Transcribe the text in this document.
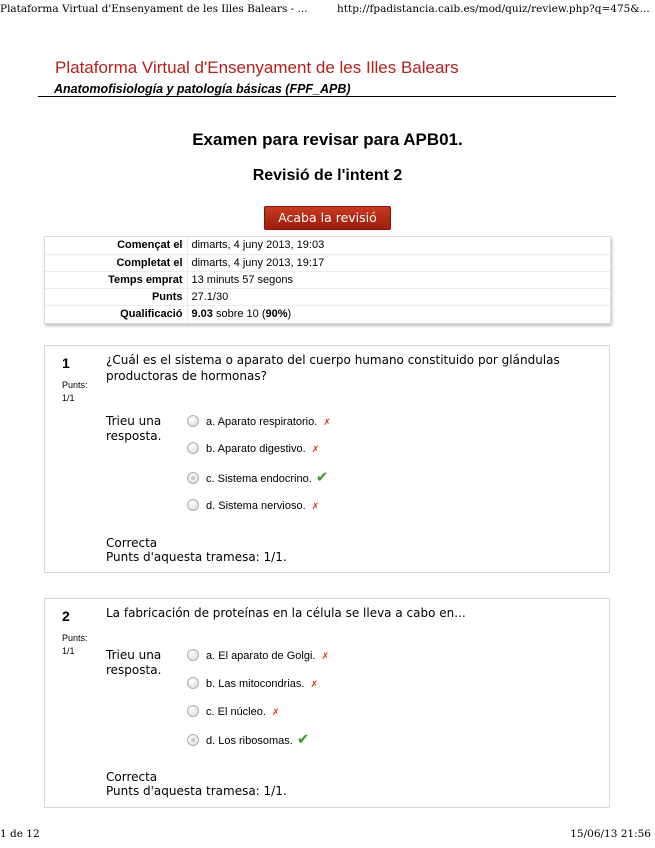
Plataforma Virtual d'Ensenyament de les Illes Balears - ...	http://fpadistancia.caib.es/mod/quiz/review.php?q=475&...
Plataforma Virtual d'Ensenyament de les Illes Balears
Anatomofisiología y patología básicas (FPF_APB)
Examen para revisar para APB01.
Revisió de l'intent 2
Acaba la revisió
Començat el	dimarts, 4 juny 2013, 19:03
Completat el	dimarts, 4 juny 2013, 19:17
Temps emprat	13 minuts 57 segons
Punts	27.1/30
Qualificació	9.03 sobre 10 (90%)
1
Punts:
1/1
¿Cuál es el sistema o aparato del cuerpo humano constituido por glándulas productoras de hormonas?
Trieu una resposta.
a. Aparato respiratorio. ✗
b. Aparato digestivo. ✗
c. Sistema endocrino. ✔
d. Sistema nervioso. ✗
Correcta
Punts d'aquesta tramesa: 1/1.
2
Punts:
1/1
La fabricación de proteínas en la célula se lleva a cabo en...
Trieu una resposta.
a. El aparato de Golgi. ✗
b. Las mitocondrias. ✗
c. El núcleo. ✗
d. Los ribosomas. ✔
Correcta
Punts d'aquesta tramesa: 1/1.
1 de 12	15/06/13 21:56
